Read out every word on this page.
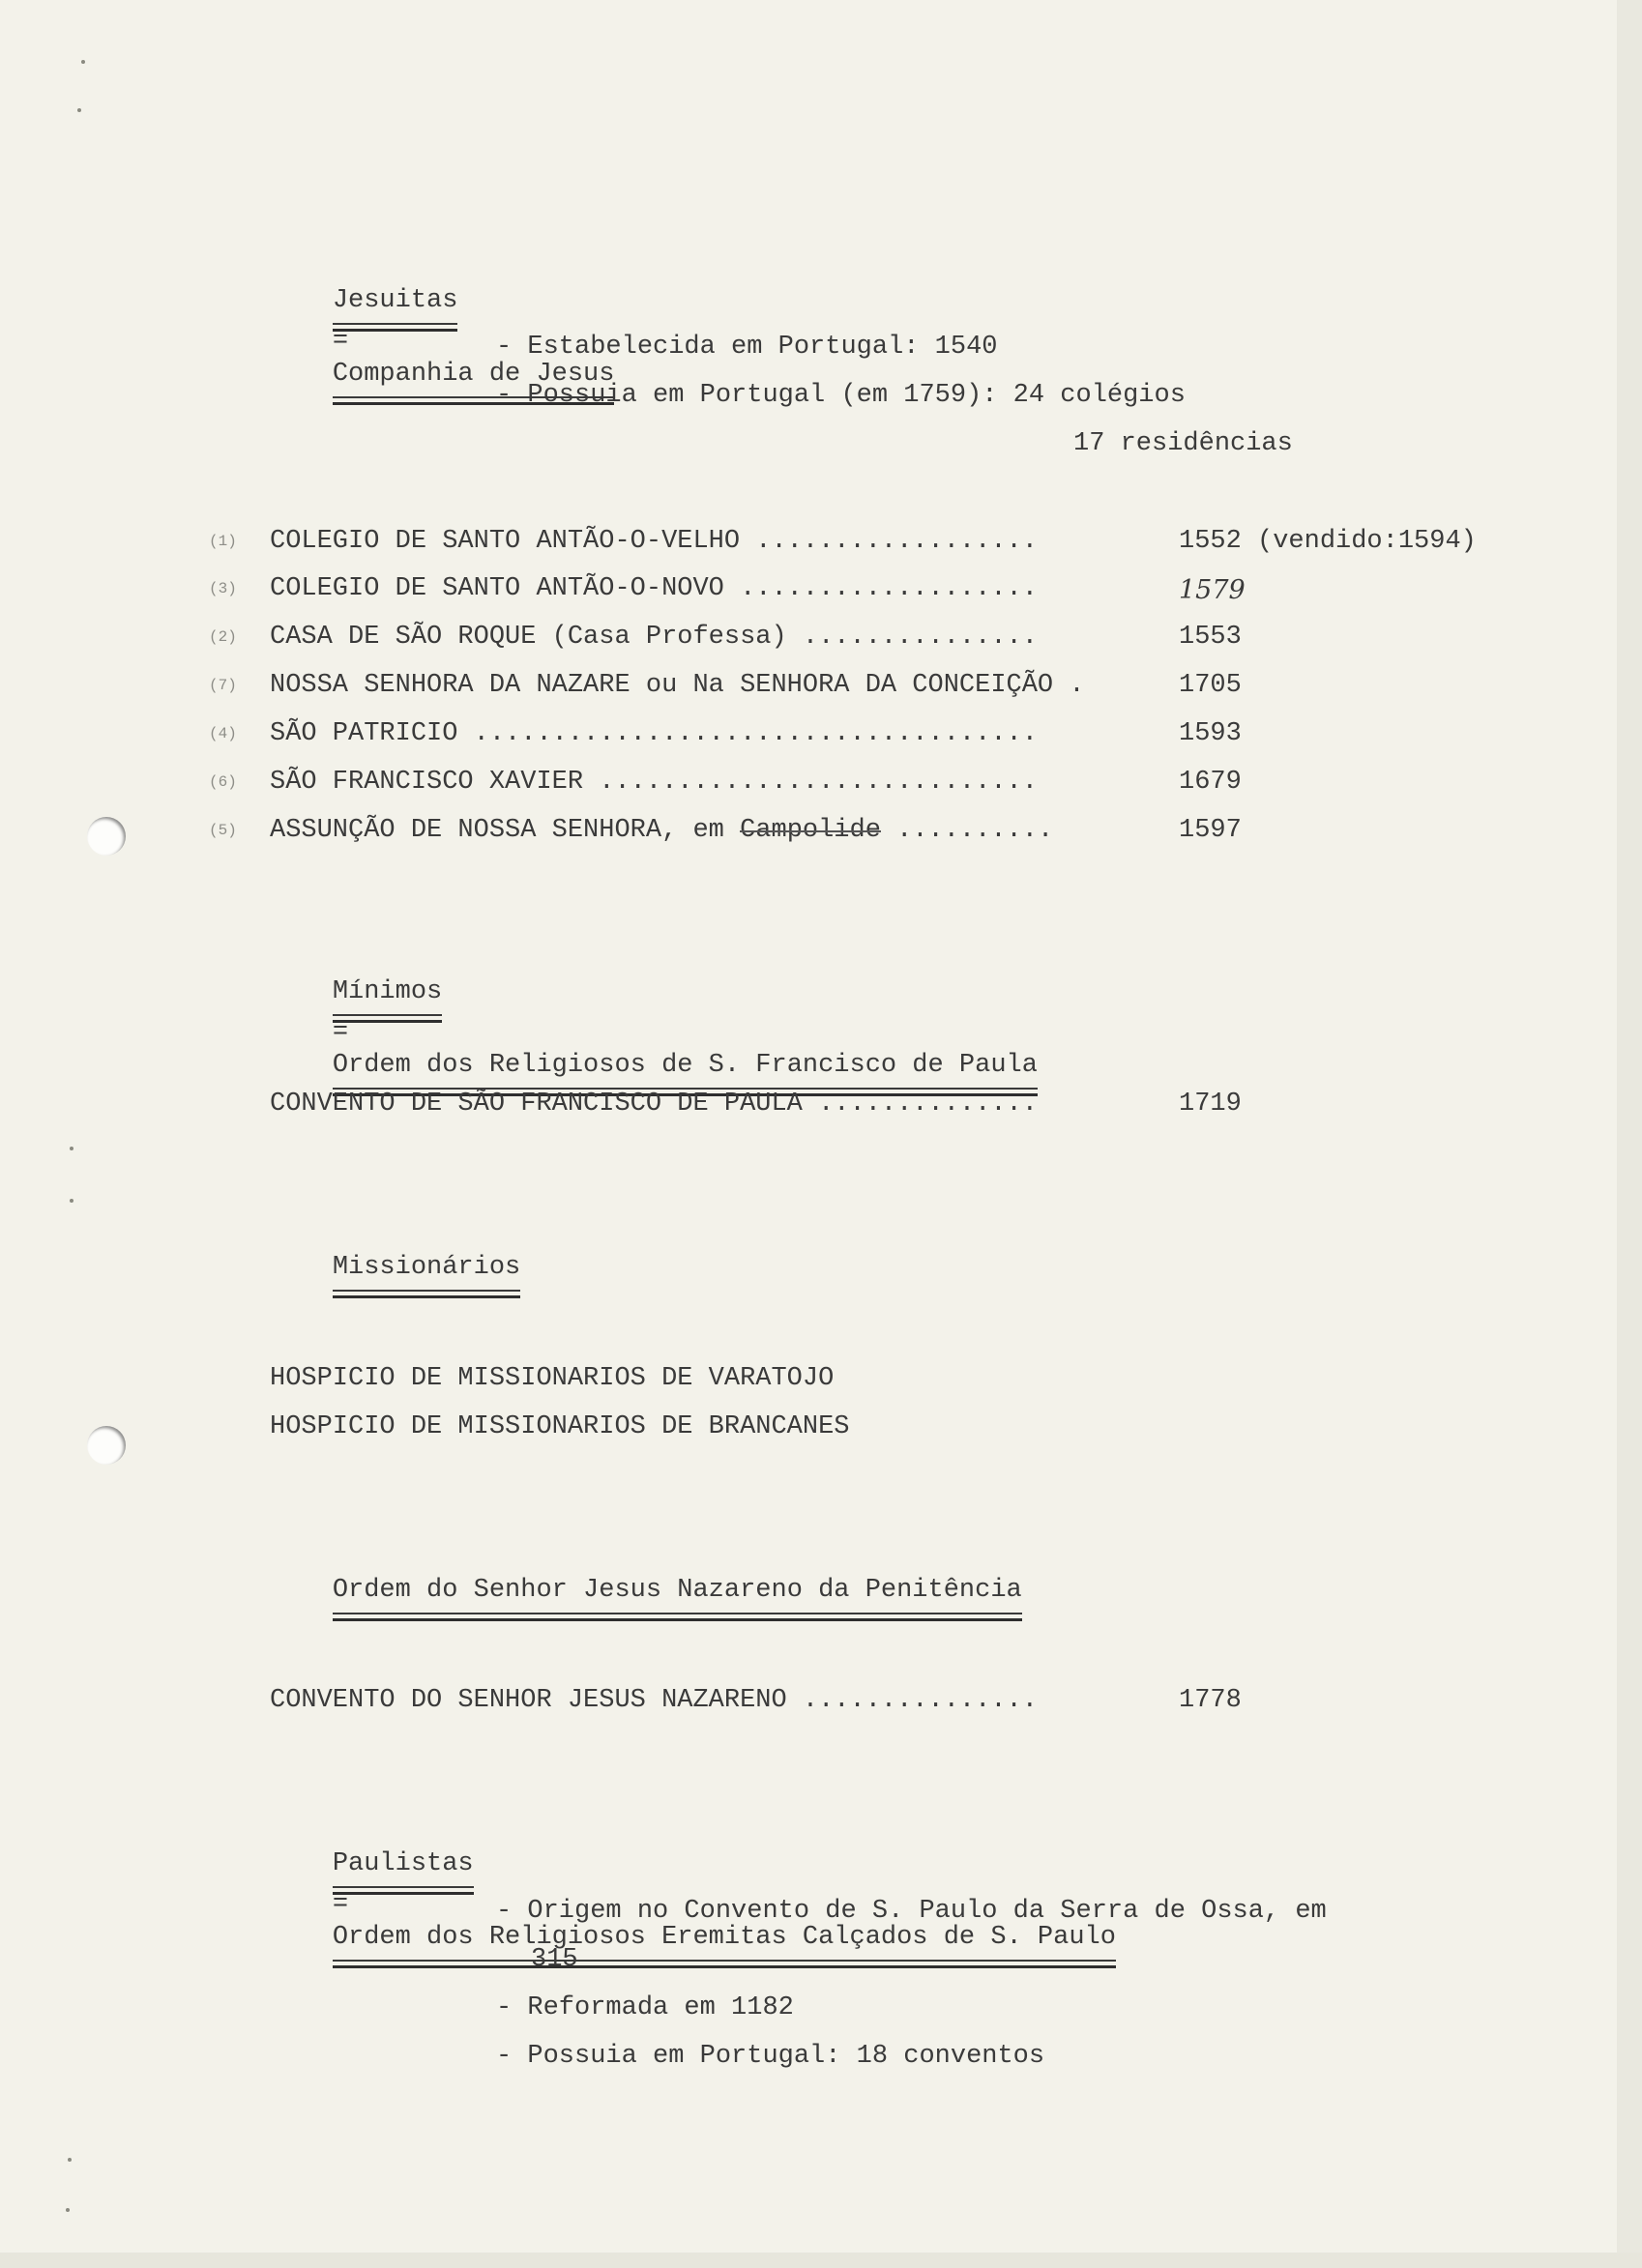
Jesuitas
=
Companhia de Jesus

- Estabelecida em Portugal: 1540
- Possuia em Portugal (em 1759): 24 colégios
17 residências
(1) COLEGIO DE SANTO ANTÃO-O-VELHO ..................	1552 (vendido:1594)
(3) COLEGIO DE SANTO ANTÃO-O-NOVO ...................	1579
(2) CASA DE SÃO ROQUE (Casa Professa) ...............	1553
(7) NOSSA SENHORA DA NAZARE ou Na SENHORA DA CONCEIÇÃO .	1705
(4) SÃO PATRICIO ....................................	1593
(6) SÃO FRANCISCO XAVIER ............................	1679
(5) ASSUNÇÃO DE NOSSA SENHORA, em Campolide ..........	1597

Mínimos
=
Ordem dos Religiosos de S. Francisco de Paula

CONVENTO DE SÃO FRANCISCO DE PAULA ..............	1719

Missionários

HOSPICIO DE MISSIONARIOS DE VARATOJO
HOSPICIO DE MISSIONARIOS DE BRANCANES

Ordem do Senhor Jesus Nazareno da Penitência

CONVENTO DO SENHOR JESUS NAZARENO ...............	1778

Paulistas
=
Ordem dos Religiosos Eremitas Calçados de S. Paulo

- Origem no Convento de S. Paulo da Serra de Ossa, em
315
- Reformada em 1182
- Possuia em Portugal: 18 conventos
